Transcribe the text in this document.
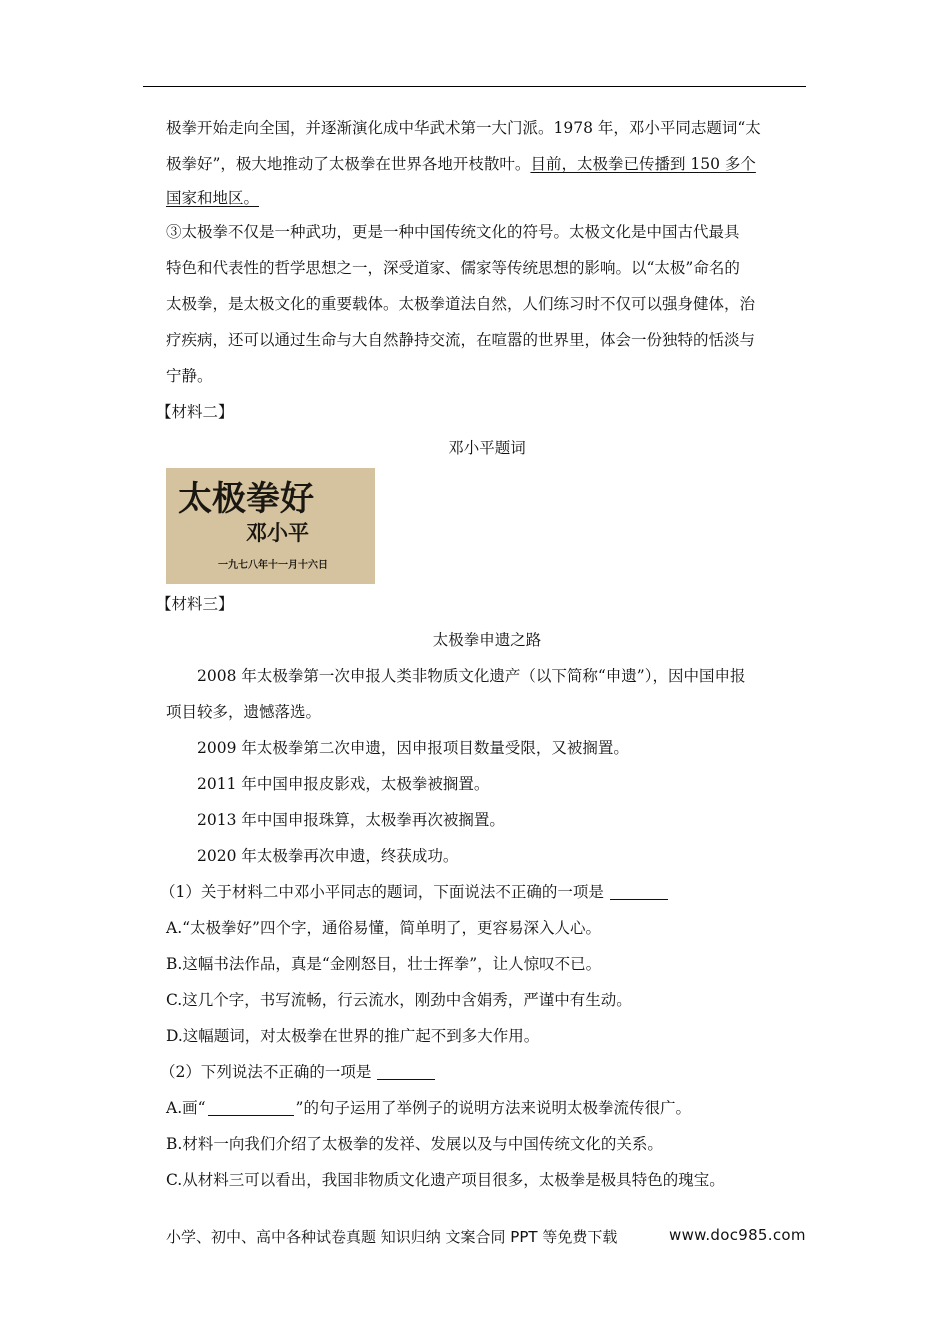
极拳开始走向全国，并逐渐演化成中华武术第一大门派。1978 年，邓小平同志题词“太
极拳好”，极大地推动了太极拳在世界各地开枝散叶。目前，太极拳已传播到 150 多个
国家和地区。
③太极拳不仅是一种武功，更是一种中国传统文化的符号。太极文化是中国古代最具
特色和代表性的哲学思想之一，深受道家、儒家等传统思想的影响。以“太极”命名的
太极拳，是太极文化的重要载体。太极拳道法自然，人们练习时不仅可以强身健体，治
疗疾病，还可以通过生命与大自然静持交流，在喧嚣的世界里，体会一份独特的恬淡与
宁静。
【材料二】
邓小平题词
太极拳好
邓小平
一九七八年十一月十六日
【材料三】
太极拳申遗之路
2008 年太极拳第一次申报人类非物质文化遗产（以下简称“申遗”），因中国申报
项目较多，遗憾落选。
2009 年太极拳第二次申遗，因申报项目数量受限，又被搁置。
2011 年中国申报皮影戏，太极拳被搁置。
2013 年中国申报珠算，太极拳再次被搁置。
2020 年太极拳再次申遗，终获成功。
（1）关于材料二中邓小平同志的题词，下面说法不正确的一项是
A.“太极拳好”四个字，通俗易懂，简单明了，更容易深入人心。
B.这幅书法作品，真是“金刚怒目，壮士挥拳”，让人惊叹不已。
C.这几个字，书写流畅，行云流水，刚劲中含娟秀，严谨中有生动。
D.这幅题词，对太极拳在世界的推广起不到多大作用。
（2）下列说法不正确的一项是
A.画“	”的句子运用了举例子的说明方法来说明太极拳流传很广。
B.材料一向我们介绍了太极拳的发祥、发展以及与中国传统文化的关系。
C.从材料三可以看出，我国非物质文化遗产项目很多，太极拳是极具特色的瑰宝。
小学、初中、高中各种试卷真题 知识归纳 文案合同 PPT 等免费下载	www.doc985.com
